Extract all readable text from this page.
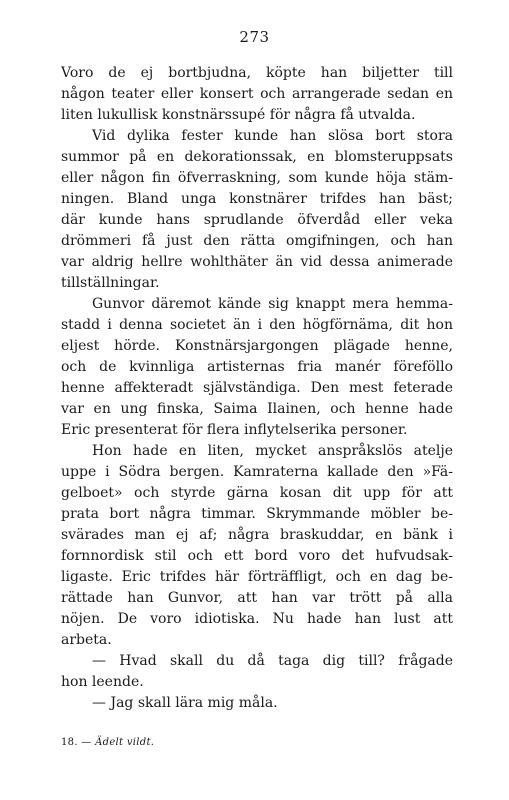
273
Voro de ej bortbjudna, köpte han biljetter till
någon teater eller konsert och arrangerade sedan en
liten lukullisk konstnärssupé för några få utvalda.
Vid dylika fester kunde han slösa bort stora
summor på en dekorationssak, en blomsteruppsats
eller någon fin öfverraskning, som kunde höja stäm-
ningen. Bland unga konstnärer trifdes han bäst;
där kunde hans sprudlande öfverdåd eller veka
drömmeri få just den rätta omgifningen, och han
var aldrig hellre wohlthäter än vid dessa animerade
tillställningar.
Gunvor däremot kände sig knappt mera hemma-
stadd i denna societet än i den högförnäma, dit hon
eljest hörde. Konstnärsjargongen plägade henne,
och de kvinnliga artisternas fria manér föreföllo
henne affekteradt självständiga. Den mest feterade
var en ung finska, Saima Ilainen, och henne hade
Eric presenterat för flera inflytelserika personer.
Hon hade en liten, mycket anspråkslös atelje
uppe i Södra bergen. Kamraterna kallade den »Fä-
gelboet» och styrde gärna kosan dit upp för att
prata bort några timmar. Skrymmande möbler be-
svärades man ej af; några braskuddar, en bänk i
fornnordisk stil och ett bord voro det hufvudsak-
ligaste. Eric trifdes här förträffligt, och en dag be-
rättade han Gunvor, att han var trött på alla
nöjen. De voro idiotiska. Nu hade han lust att
arbeta.
— Hvad skall du då taga dig till? frågade
hon leende.
— Jag skall lära mig måla.
18. — Ädelt vildt.
